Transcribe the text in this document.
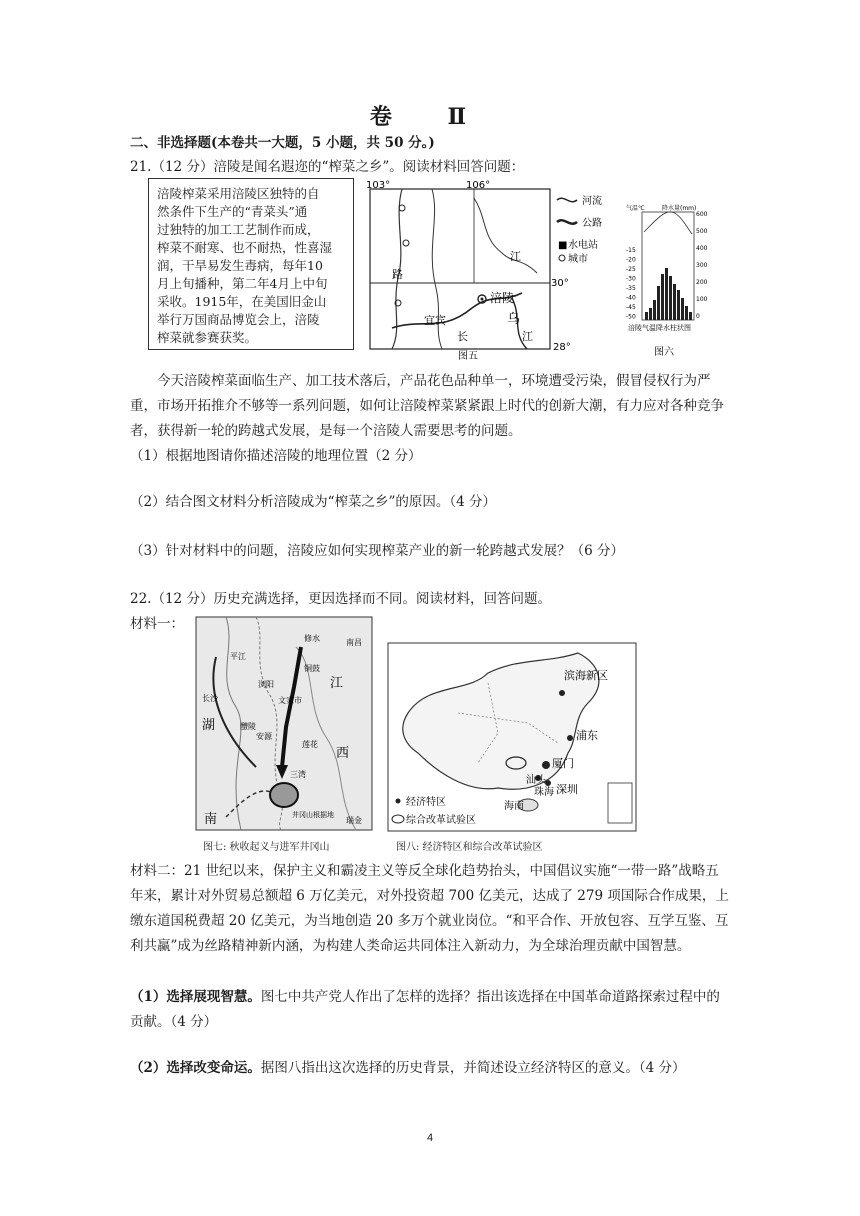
卷 Ⅱ
二、非选择题(本卷共一大题，5 小题，共 50 分。)
21.（12 分）涪陵是闻名遐迩的“榨菜之乡”。阅读材料回答问题：
涪陵榨菜采用涪陵区独特的自
然条件下生产的“青菜头”通
过独特的加工工艺制作而成，
榨菜不耐寒、也不耐热，性喜湿
润，干旱易发生毒病，每年10
月上旬播种，第二年4月上中旬
采收。1915年，在美国旧金山
举行万国商品博览会上，涪陵
榨菜就参赛获奖。
103°	106°
30°
28°
涪陵
宜宾
长
江
乌
江
路
河流
公路
■ 水电站
城市
图五
气温℃	降水量(mm)
600
500
400
300
200
100
0
-15
-20
-25
-30
-35
-40
-45
-50
涪陵气温降水柱状图
图六
今天涪陵榨菜面临生产、加工技术落后，产品花色品种单一，环境遭受污染，假冒侵权行为严重，市场开拓推介不够等一系列问题，如何让涪陵榨菜紧紧跟上时代的创新大潮，有力应对各种竞争者，获得新一轮的跨越式发展，是每一个涪陵人需要思考的问题。
（1）根据地图请你描述涪陵的地理位置（2 分）
（2）结合图文材料分析涪陵成为“榨菜之乡”的原因。（4 分）
（3）针对材料中的问题，涪陵应如何实现榨菜产业的新一轮跨越式发展？（6 分）
22.（12 分）历史充满选择，更因选择而不同。阅读材料，回答问题。
材料一：
修水
平江
铜鼓
浏阳
文家市
长沙
醴陵
安源
莲花
三湾
井冈山根据地
湖
南
江
西
南昌
瑞金
滨海新区
浦东
厦门
汕头
深圳
珠海
海南
经济特区
综合改革试验区
图七: 秋收起义与进军井冈山	图八: 经济特区和综合改革试验区
材料二：21 世纪以来，保护主义和霸凌主义等反全球化趋势抬头，中国倡议实施“一带一路”战略五年来，累计对外贸易总额超 6 万亿美元，对外投资超 700 亿美元，达成了 279 项国际合作成果，上缴东道国税费超 20 亿美元，为当地创造 20 多万个就业岗位。“和平合作、开放包容、互学互鉴、互利共赢”成为丝路精神新内涵，为构建人类命运共同体注入新动力，为全球治理贡献中国智慧。
（1）选择展现智慧。图七中共产党人作出了怎样的选择？指出该选择在中国革命道路探索过程中的贡献。（4 分）
（2）选择改变命运。据图八指出这次选择的历史背景，并简述设立经济特区的意义。（4 分）
4
